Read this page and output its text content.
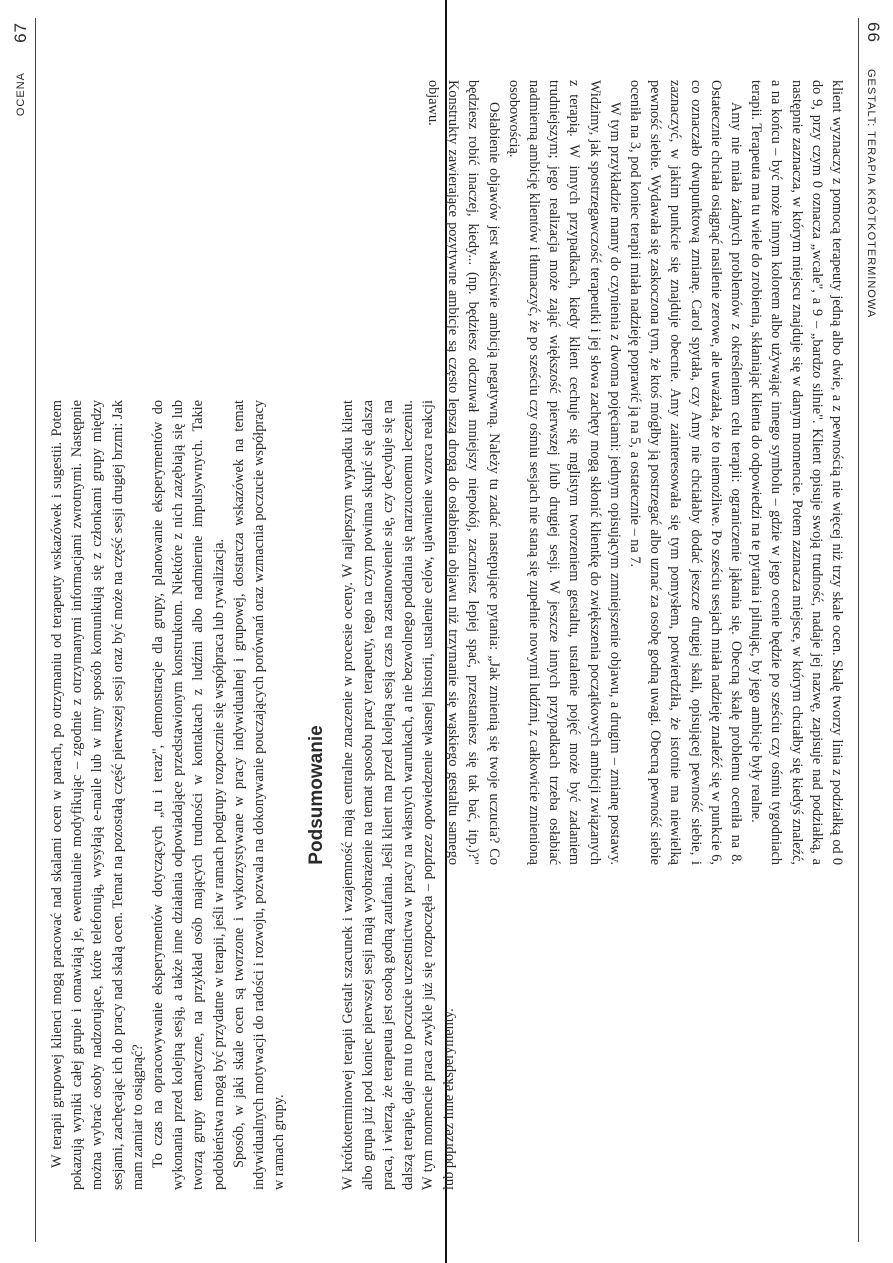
OCENA
67

W terapii grupowej klienci mogą pracować nad skalami ocen w parach, po otrzymaniu od terapeuty wskazówek i sugestii. Potem pokazują wyniki całej grupie i omawiają je, ewentualnie modyfikując – zgodnie z otrzymanymi informacjami zwrotnymi. Następnie można wybrać osoby nadzorujące, które telefonują, wysyłają e-maile lub w inny sposób komunikują się z członkami grupy między sesjami, zachęcając ich do pracy nad skalą ocen. Temat na pozostałą część pierwszej sesji oraz być może na część sesji drugiej brzmi: Jak mam zamiar to osiągnąć? To czas na opracowywanie eksperymentów dotyczących „tu i teraz", demonstracje dla grupy, planowanie eksperymentów do wykonania przed kolejną sesją, a także inne działania odpowiadające przedstawionym konstruktom. Niektóre z nich zazębiają się lub tworzą grupy tematyczne, na przykład osób mających trudności w kontaktach z ludźmi albo nadmiernie impulsywnych. Takie podobieństwa mogą być przydatne w terapii, jeśli w ramach podgrupy rozpocznie się współpraca lub rywalizacja. Sposób, w jaki skale ocen są tworzone i wykorzystywane w pracy indywidualnej i grupowej, dostarcza wskazówek na temat indywidualnych motywacji do radości i rozwoju, pozwala na dokonywanie pouczających porównań oraz wzmacnia poczucie współpracy w ramach grupy.

Podsumowanie W krótkoterminowej terapii Gestalt szacunek i wzajemność mają centralne znaczenie w procesie oceny. W najlepszym wypadku klient albo grupa już pod koniec pierwszej sesji mają wyobrażenie na temat sposobu pracy terapeuty, tego na czym powinna skupić się dalsza praca, i wierzą, że terapeuta jest osobą godną zaufania. Jeśli klient ma przed kolejną sesją czas na zastanowienie się, czy decyduje się na dalszą terapię, daje mu to poczucie uczestnictwa w pracy na własnych warunkach, a nie bezwolnego poddania się narzuconemu leczeniu. W tym momencie praca zwykle już się rozpoczęła – poprzez opowiedzenie własnej historii, ustalenie celów, ujawnienie wzorca reakcji lub poprzez inne eksperymenty.

66 GESTALT: TERAPIA KRÓTKOTERMINOWA

klient wyznaczy z pomocą terapeuty jedną albo dwie, a z pewnością nie więcej niż trzy skale ocen. Skalę tworzy linia z podziałką od 0 do 9, przy czym 0 oznacza „wcale", a 9 – „bardzo silnie". Klient opisuje swoją trudność, nadaje jej nazwę, zapisuje nad podziałką, a następnie zaznacza, w którym miejscu znajduje się w danym momencie. Potem zaznacza miejsce, w którym chciałby się kiedyś znaleźć, a na końcu – być może innym kolorem albo używając innego symbolu – gdzie w jego ocenie będzie po sześciu czy ośmiu tygodniach terapii. Terapeuta ma tu wiele do zrobienia, skłaniając klienta do odpowiedzi na te pytania i pilnując, by jego ambicje były realne.

Amy nie miała żadnych problemów z określeniem celu terapii: ograniczenie jąkania się. Obecną skalę problemu oceniła na 8. Ostatecznie chciała osiągnąć nasilenie zerowe, ale uważała, że to niemożliwe. Po sześciu sesjach miała nadzieję znaleźć się w punkcie 6, co oznaczało dwupunktową zmianę. Carol spytała, czy Amy nie chciałaby dodać jeszcze drugiej skali, opisującej pewność siebie, i zaznaczyć, w jakim punkcie się znajduje obecnie. Amy zainteresowała się tym pomysłem, potwierdziła, że istotnie ma niewielką pewność siebie. Wydawała się zaskoczona tym, że ktoś mógłby ją postrzegać albo uznać za osobę godną uwagi. Obecną pewność siebie oceniła na 3, pod koniec terapii miała nadzieję poprawić ją na 5, a ostatecznie – na 7.

W tym przykładzie mamy do czynienia z dwoma pojęciami: jednym opisującym zmniejszenie objawu, a drugim – zmianę postawy. Widzimy, jak spostrzegawczość terapeutki i jej słowa zachęty mogą skłonić klientkę do zwiększenia początkowych ambicji związanych z terapią. W innych przypadkach, kiedy klient cechuje się mglistym tworzeniem gestaltu, ustalenie pojęć może być zadaniem trudniejszym; jego realizacja może zająć większość pierwszej i/lub drugiej sesji. W jeszcze innych przypadkach trzeba osłabiać nadmierną ambicję klientów i tłumaczyć, że po sześciu czy ośmiu sesjach nie staną się zupełnie nowymi ludźmi, z całkowicie zmienioną osobowością.

Osłabienie objawów jest właściwie ambicją negatywną. Należy tu zadać następujące pytania: „Jak zmienią się twoje uczucia? Co będziesz robić inaczej, kiedy... (np. będziesz odczuwał mniejszy niepokój, zaczniesz lepiej spać, przestaniesz się tak bać, itp.)?" Konstrukty zawierające pozytywne ambicje są często lepszą drogą do osłabienia objawu niż trzymanie się wąskiego gestaltu samego objawu.
